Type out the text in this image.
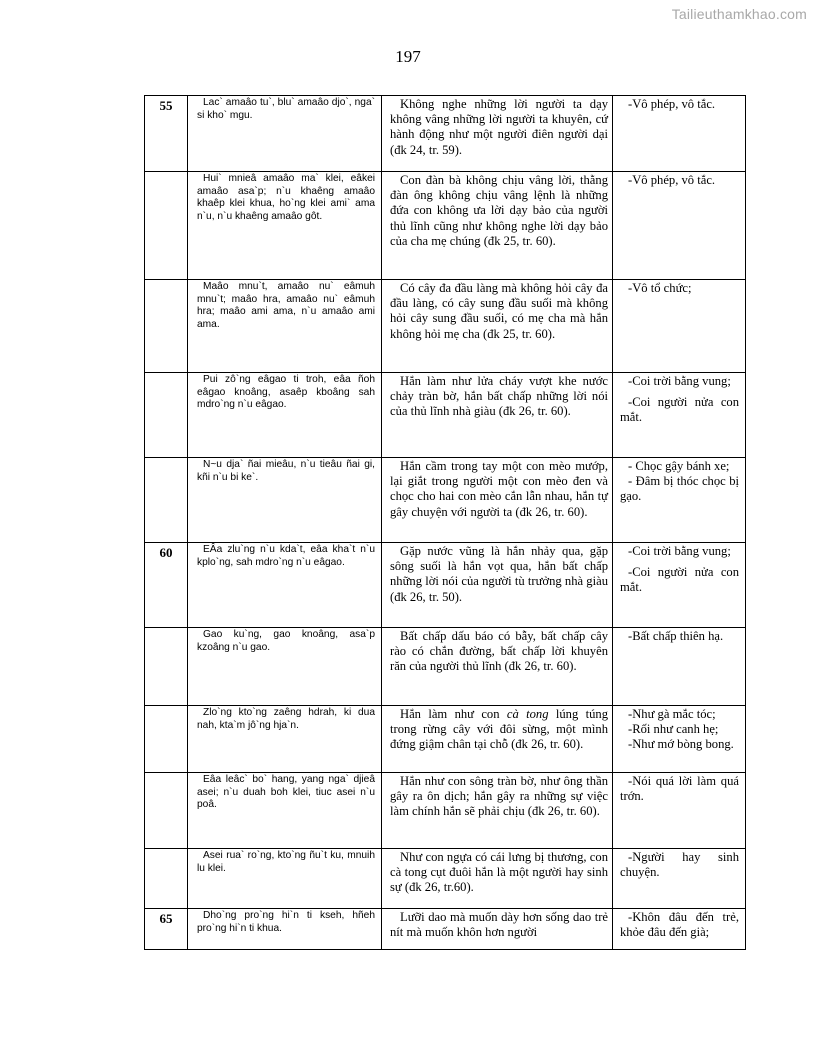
Tailieuthamkhao.com
197
55	Lac` amaâo tu`, blu` amaâo djo`, nga` si kho` mgu.	Không nghe những lời người ta dạy không vâng những lời người ta khuyên, cứ hành động như một người điên người dại (đk 24, tr. 59).	-Vô phép, vô tắc.

	Hui` mnieâ amaâo ma` klei, eâkei amaâo asa`p; n`u khaêng amaâo khaêp klei khua, ho`ng klei ami` ama n`u, n`u khaêng amaâo gôt.	Con đàn bà không chịu vâng lời, thằng đàn ông không chịu vâng lệnh là những đứa con không ưa lời dạy bảo của người thủ lĩnh cũng như không nghe lời dạy bảo của cha mẹ chúng (đk 25, tr. 60).	-Vô phép, vô tắc.

	Maâo mnu`t, amaâo nu` eâmuh mnu`t; maâo hra, amaâo nu` eâmuh hra; maâo ami ama, n`u amaâo ami ama.	Có cây đa đầu làng mà không hỏi cây đa đầu làng, có cây sung đầu suối mà không hỏi cây sung đầu suối, có mẹ cha mà hắn không hỏi mẹ cha (đk 25, tr. 60).	-Vô tổ chức;

	Pui zô`ng eâgao ti troh, eâa ñoh eâgao knoâng, asaêp kboâng sah mdro`ng n`u eâgao.	Hắn làm như lửa cháy vượt khe nước chảy tràn bờ, hắn bất chấp những lời nói của thủ lĩnh nhà giàu (đk 26, tr. 60).	-Coi trời bằng vung;
-Coi người nửa con mắt.

	N~u dja` ñai mieâu, n`u tieâu ñai gi, kñi n`u bi ke`.	Hắn cầm trong tay một con mèo mướp, lại giắt trong người một con mèo đen và chọc cho hai con mèo cắn lẫn nhau, hắn tự gây chuyện với người ta (đk 26, tr. 60).	- Chọc gậy bánh xe;
- Đâm bị thóc chọc bị gạo.

60	EÂa zlu`ng n`u kda`t, eâa kha`t n`u kplo`ng, sah mdro`ng n`u eâgao.	Gặp nước vũng là hắn nhảy qua, gặp sông suối là hắn vọt qua, hắn bất chấp những lời nói của người tù trưởng nhà giàu (đk 26, tr. 50).	-Coi trời bằng vung;
-Coi người nửa con mắt.

	Gao ku`ng, gao knoâng, asa`p kzoâng n`u gao.	Bất chấp dấu báo có bẫy, bất chấp cây rào có chắn đường, bất chấp lời khuyên răn của người thủ lĩnh (đk 26, tr. 60).	-Bất chấp thiên hạ.

	Zlo`ng kto`ng zaêng hdrah, ki dua nah, kta`m jô`ng hja`n.	Hắn làm như con cà tong lúng túng trong rừng cây với đôi sừng, một mình đứng giậm chân tại chỗ (đk 26, tr. 60).	-Như gà mắc tóc;
-Rối như canh hẹ;
-Như mớ bòng bong.

	Eâa leâc` bo` hang, yang nga` djieâ asei; n`u duah boh klei, tiuc asei n`u poâ.	Hắn như con sông tràn bờ, như ông thần gây ra ôn dịch; hắn gây ra những sự việc làm chính hắn sẽ phải chịu (đk 26, tr. 60).	-Nói quá lời làm quá trớn.

	Asei rua` ro`ng, kto`ng ñu`t ku, mnuih lu klei.	Như con ngựa có cái lưng bị thương, con cà tong cụt đuôi hắn là một người hay sinh sự (đk 26, tr.60).	-Người hay sinh chuyện.

65	Dho`ng pro`ng hi`n ti kseh, hñeh pro`ng hi`n ti khua.	Lưỡi dao mà muốn dày hơn sống dao trẻ nít mà muốn khôn hơn người	-Khôn đâu đến trẻ, khỏe đâu đến già;
